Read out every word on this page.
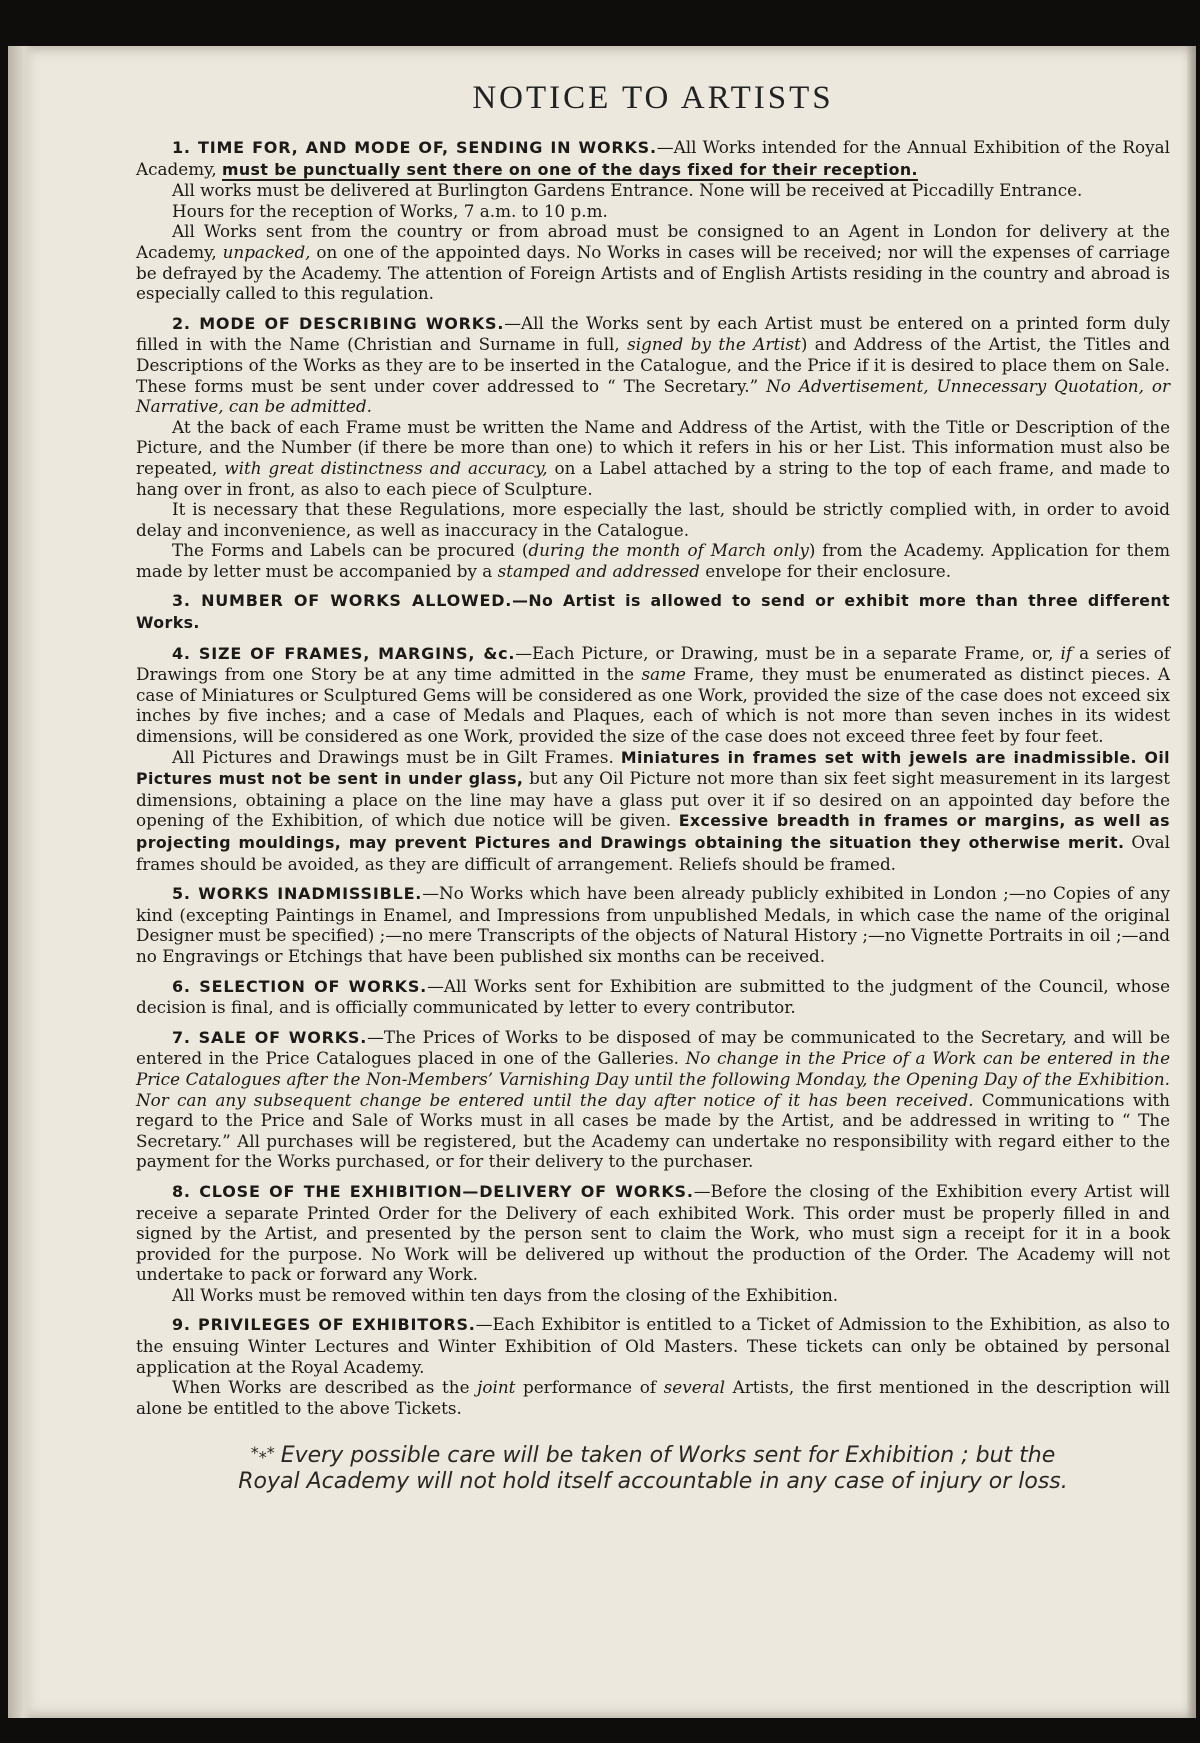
NOTICE TO ARTISTS

1. TIME FOR, AND MODE OF, SENDING IN WORKS.—All Works intended for the Annual Exhibition of the Royal Academy, must be punctually sent there on one of the days fixed for their reception.

All works must be delivered at Burlington Gardens Entrance. None will be received at Piccadilly Entrance.

Hours for the reception of Works, 7 a.m. to 10 p.m.

All Works sent from the country or from abroad must be consigned to an Agent in London for delivery at the Academy, unpacked, on one of the appointed days. No Works in cases will be received; nor will the expenses of carriage be defrayed by the Academy. The attention of Foreign Artists and of English Artists residing in the country and abroad is especially called to this regulation.

2. MODE OF DESCRIBING WORKS.—All the Works sent by each Artist must be entered on a printed form duly filled in with the Name (Christian and Surname in full, signed by the Artist) and Address of the Artist, the Titles and Descriptions of the Works as they are to be inserted in the Catalogue, and the Price if it is desired to place them on Sale. These forms must be sent under cover addressed to “ The Secretary.” No Advertisement, Unnecessary Quotation, or Narrative, can be admitted.

At the back of each Frame must be written the Name and Address of the Artist, with the Title or Description of the Picture, and the Number (if there be more than one) to which it refers in his or her List. This information must also be repeated, with great distinctness and accuracy, on a Label attached by a string to the top of each frame, and made to hang over in front, as also to each piece of Sculpture.

It is necessary that these Regulations, more especially the last, should be strictly complied with, in order to avoid delay and inconvenience, as well as inaccuracy in the Catalogue.

The Forms and Labels can be procured (during the month of March only) from the Academy. Application for them made by letter must be accompanied by a stamped and addressed envelope for their enclosure.

3. NUMBER OF WORKS ALLOWED.—No Artist is allowed to send or exhibit more than three different Works.

4. SIZE OF FRAMES, MARGINS, &c.—Each Picture, or Drawing, must be in a separate Frame, or, if a series of Drawings from one Story be at any time admitted in the same Frame, they must be enumerated as distinct pieces. A case of Miniatures or Sculptured Gems will be considered as one Work, provided the size of the case does not exceed six inches by five inches; and a case of Medals and Plaques, each of which is not more than seven inches in its widest dimensions, will be considered as one Work, provided the size of the case does not exceed three feet by four feet.

All Pictures and Drawings must be in Gilt Frames. Miniatures in frames set with jewels are inadmissible. Oil Pictures must not be sent in under glass, but any Oil Picture not more than six feet sight measurement in its largest dimensions, obtaining a place on the line may have a glass put over it if so desired on an appointed day before the opening of the Exhibition, of which due notice will be given. Excessive breadth in frames or margins, as well as projecting mouldings, may prevent Pictures and Drawings obtaining the situation they otherwise merit. Oval frames should be avoided, as they are difficult of arrangement. Reliefs should be framed.

5. WORKS INADMISSIBLE.—No Works which have been already publicly exhibited in London ;—no Copies of any kind (excepting Paintings in Enamel, and Impressions from unpublished Medals, in which case the name of the original Designer must be specified) ;—no mere Transcripts of the objects of Natural History ;—no Vignette Portraits in oil ;—and no Engravings or Etchings that have been published six months can be received.

6. SELECTION OF WORKS.—All Works sent for Exhibition are submitted to the judgment of the Council, whose decision is final, and is officially communicated by letter to every contributor.

7. SALE OF WORKS.—The Prices of Works to be disposed of may be communicated to the Secretary, and will be entered in the Price Catalogues placed in one of the Galleries. No change in the Price of a Work can be entered in the Price Catalogues after the Non-Members’ Varnishing Day until the following Monday, the Opening Day of the Exhibition. Nor can any subsequent change be entered until the day after notice of it has been received. Communications with regard to the Price and Sale of Works must in all cases be made by the Artist, and be addressed in writing to “ The Secretary.” All purchases will be registered, but the Academy can undertake no responsibility with regard either to the payment for the Works purchased, or for their delivery to the purchaser.

8. CLOSE OF THE EXHIBITION—DELIVERY OF WORKS.—Before the closing of the Exhibition every Artist will receive a separate Printed Order for the Delivery of each exhibited Work. This order must be properly filled in and signed by the Artist, and presented by the person sent to claim the Work, who must sign a receipt for it in a book provided for the purpose. No Work will be delivered up without the production of the Order. The Academy will not undertake to pack or forward any Work.

All Works must be removed within ten days from the closing of the Exhibition.

9. PRIVILEGES OF EXHIBITORS.—Each Exhibitor is entitled to a Ticket of Admission to the Exhibition, as also to the ensuing Winter Lectures and Winter Exhibition of Old Masters. These tickets can only be obtained by personal application at the Royal Academy.

When Works are described as the joint performance of several Artists, the first mentioned in the description will alone be entitled to the above Tickets.

*⁎* Every possible care will be taken of Works sent for Exhibition ; but the
Royal Academy will not hold itself accountable in any case of injury or loss.
